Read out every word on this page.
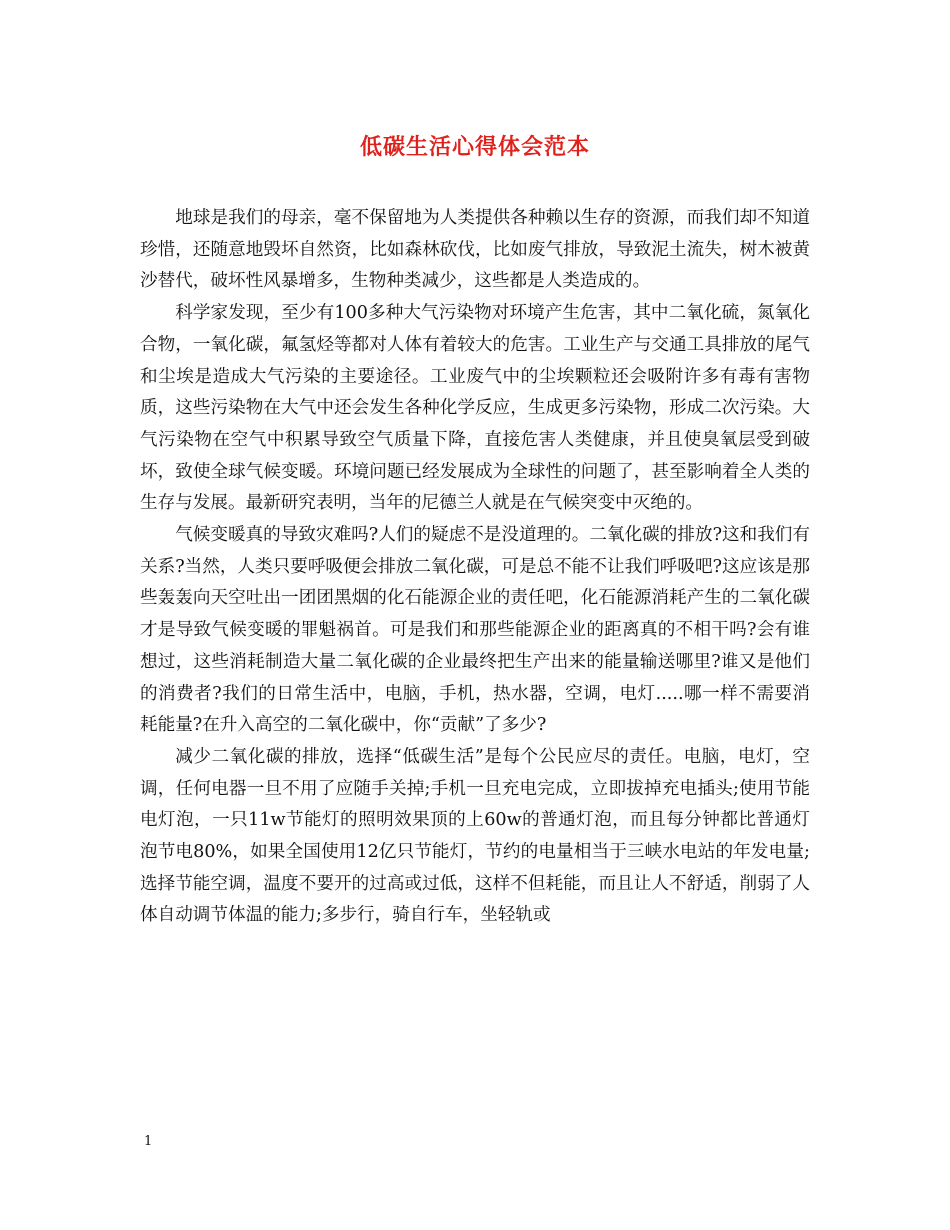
低碳生活心得体会范本

地球是我们的母亲，毫不保留地为人类提供各种赖以生存的资源，而我们却不知道珍惜，还随意地毁坏自然资，比如森林砍伐，比如废气排放，导致泥土流失，树木被黄沙替代，破坏性风暴增多，生物种类减少，这些都是人类造成的。

科学家发现，至少有100多种大气污染物对环境产生危害，其中二氧化硫，氮氧化合物，一氧化碳，氟氢烃等都对人体有着较大的危害。工业生产与交通工具排放的尾气和尘埃是造成大气污染的主要途径。工业废气中的尘埃颗粒还会吸附许多有毒有害物质，这些污染物在大气中还会发生各种化学反应，生成更多污染物，形成二次污染。大气污染物在空气中积累导致空气质量下降，直接危害人类健康，并且使臭氧层受到破坏，致使全球气候变暖。环境问题已经发展成为全球性的问题了，甚至影响着全人类的生存与发展。最新研究表明，当年的尼德兰人就是在气候突变中灭绝的。

气候变暖真的导致灾难吗?人们的疑虑不是没道理的。二氧化碳的排放?这和我们有关系?当然，人类只要呼吸便会排放二氧化碳，可是总不能不让我们呼吸吧?这应该是那些轰轰向天空吐出一团团黑烟的化石能源企业的责任吧，化石能源消耗产生的二氧化碳才是导致气候变暖的罪魁祸首。可是我们和那些能源企业的距离真的不相干吗?会有谁想过，这些消耗制造大量二氧化碳的企业最终把生产出来的能量输送哪里?谁又是他们的消费者?我们的日常生活中，电脑，手机，热水器，空调，电灯.....哪一样不需要消耗能量?在升入高空的二氧化碳中，你“贡献”了多少?

减少二氧化碳的排放，选择“低碳生活”是每个公民应尽的责任。电脑，电灯，空调，任何电器一旦不用了应随手关掉;手机一旦充电完成，立即拔掉充电插头;使用节能电灯泡，一只11w节能灯的照明效果顶的上60w的普通灯泡，而且每分钟都比普通灯泡节电80%，如果全国使用12亿只节能灯，节约的电量相当于三峡水电站的年发电量;选择节能空调，温度不要开的过高或过低，这样不但耗能，而且让人不舒适，削弱了人体自动调节体温的能力;多步行，骑自行车，坐轻轨或

1
